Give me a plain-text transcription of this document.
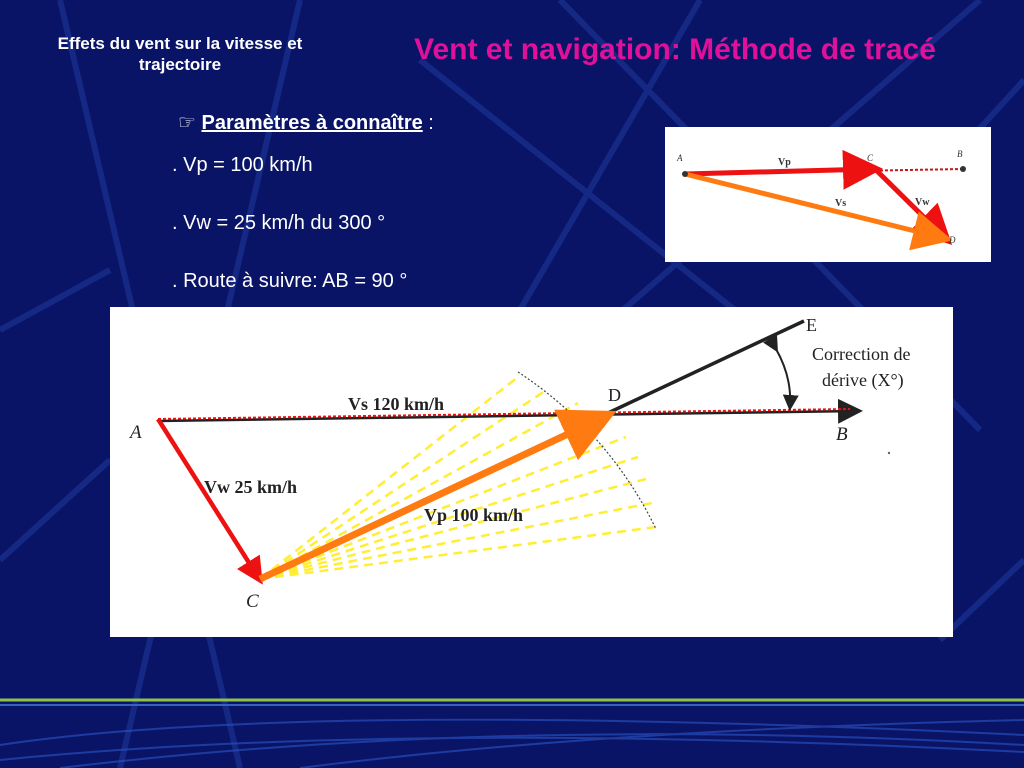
Effets du vent sur la vitesse et trajectoire	Vent et navigation: Méthode de tracé
☞ Paramètres à connaître :
. Vp = 100 km/h
. Vw = 25 km/h du 300 °
. Route à suivre: AB = 90 °
A	C	B
D
Vp
Vs	Vw
A	B
C
D
E
Vs 120 km/h
Vw 25 km/h
Vp 100 km/h
Correction de
dérive (X°)
